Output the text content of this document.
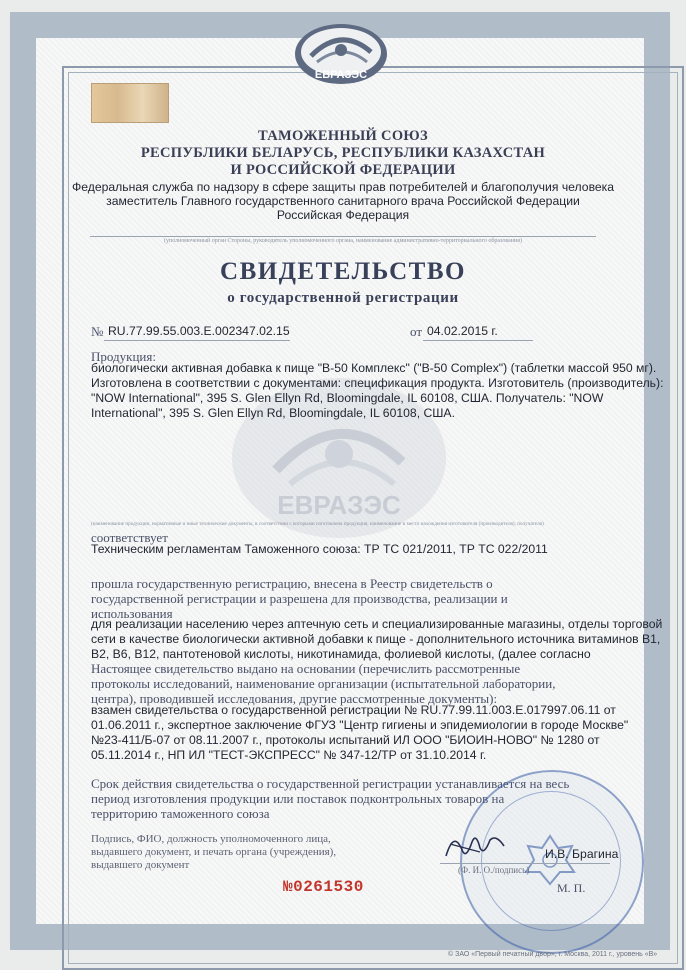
ЕВРАЗЭС
ТАМОЖЕННЫЙ СОЮЗ
РЕСПУБЛИКИ БЕЛАРУСЬ, РЕСПУБЛИКИ КАЗАХСТАН
И РОССИЙСКОЙ ФЕДЕРАЦИИ
Федеральная служба по надзору в сфере защиты прав потребителей и благополучия человека
заместитель Главного государственного санитарного врача Российской Федерации
Российская Федерация
(уполномоченный орган Стороны, руководитель уполномоченного органа, наименование административно-территориального образования)
СВИДЕТЕЛЬСТВО
о государственной регистрации
№ RU.77.99.55.003.Е.002347.02.15	от 04.02.2015 г.
ЕВРАЗЭС
Продукция:
биологически активная добавка к пище "В-50 Комплекс" ("B-50 Complex") (таблетки массой 950 мг).
Изготовлена в соответствии с документами: спецификация продукта. Изготовитель (производитель):
"NOW International", 395 S. Glen Ellyn Rd, Bloomingdale, IL 60108, США. Получатель: "NOW
International", 395 S. Glen Ellyn Rd, Bloomingdale, IL 60108, США.
(наименование продукции, нормативные и иные технические документы, в соответствии с которыми изготовлена продукция, наименование и место нахождения изготовителя (производителя), получателя)
соответствует
Техническим регламентам Таможенного союза: ТР ТС 021/2011, ТР ТС 022/2011
прошла государственную регистрацию, внесена в Реестр свидетельств о
государственной регистрации и разрешена для производства, реализации и
использования
для реализации населению через аптечную сеть и специализированные магазины, отделы торговой
сети в качестве биологически активной добавки к пище - дополнительного источника витаминов В1,
В2, В6, В12, пантотеновой кислоты, никотинамида, фолиевой кислоты, (далее согласно
Настоящее свидетельство выдано на основании (перечислить рассмотренные
протоколы исследований, наименование организации (испытательной лаборатории,
центра), проводившей исследования, другие рассмотренные документы):
взамен свидетельства о государственной регистрации № RU.77.99.11.003.Е.017997.06.11 от
01.06.2011 г., экспертное заключение ФГУЗ "Центр гигиены и эпидемиологии в городе Москве"
№23-411/Б-07 от 08.11.2007 г., протоколы испытаний ИЛ ООО "БИОИН-НОВО" № 1280 от
05.11.2014 г., НП ИЛ "ТЕСТ-ЭКСПРЕСС" № 347-12/ТР от 31.10.2014 г.
Срок действия свидетельства о государственной регистрации устанавливается на весь
период изготовления продукции или поставок подконтрольных товаров на
территорию таможенного союза
Подпись, ФИО, должность уполномоченного лица,
выдавшего документ, и печать органа (учреждения),
выдавшего документ
И.В. Брагина
(Ф. И. О./подпись)
№0261530	М. П.
© ЗАО «Первый печатный двор», г. Москва, 2011 г., уровень «В»
